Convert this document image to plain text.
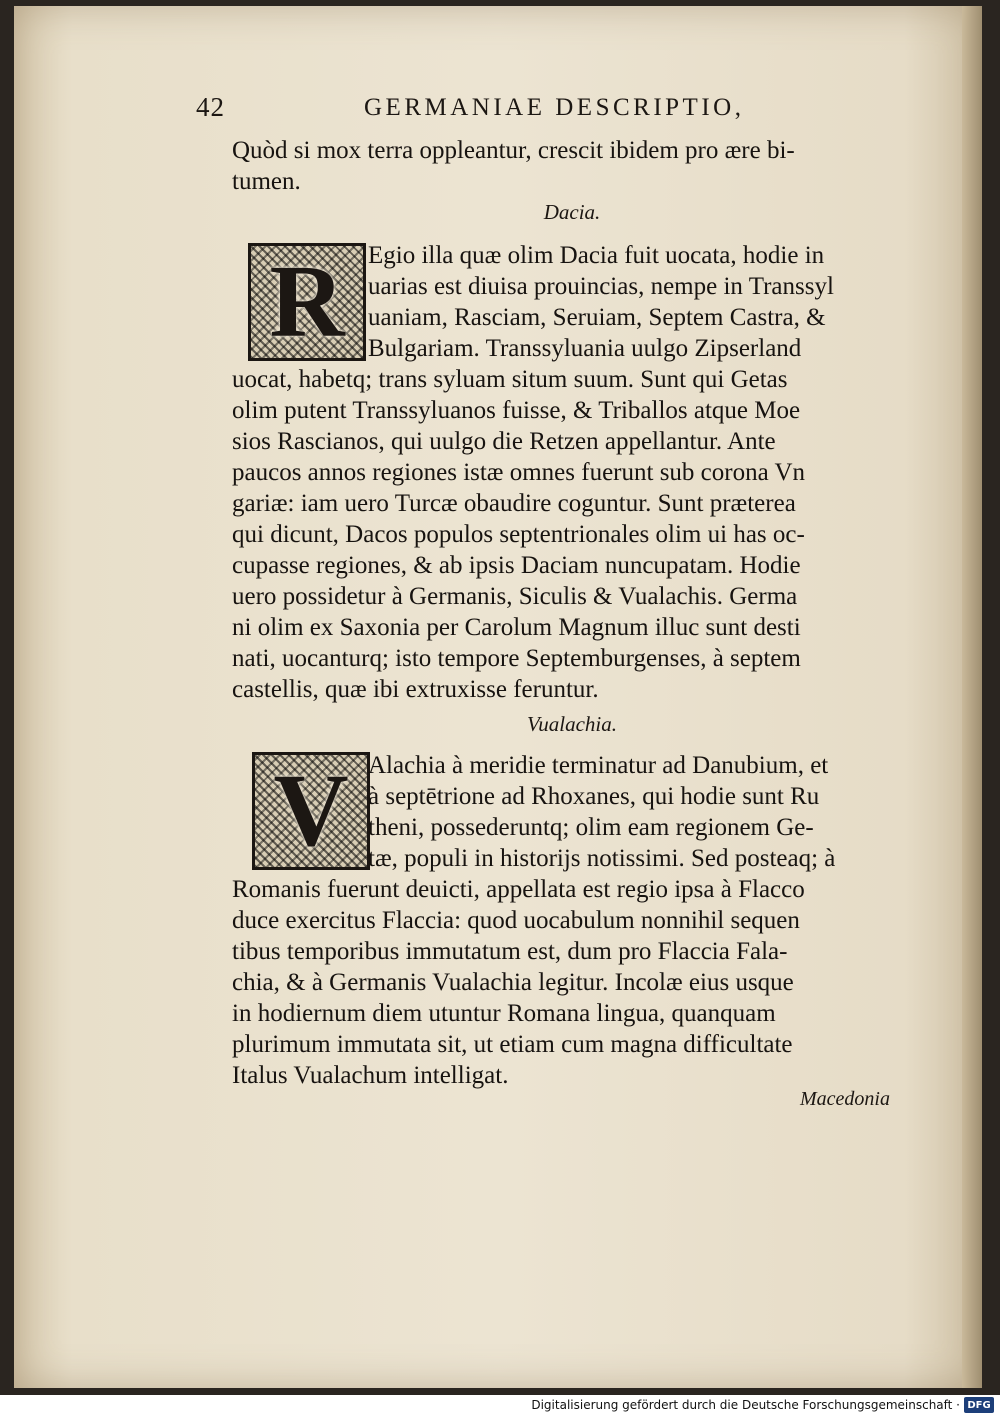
42	GERMANIAE DESCRIPTIO,
Quòd si mox terra oppleantur, crescit ibidem pro ære bi-
tumen.
Dacia.
R Egio illa quæ olim Dacia fuit uocata, hodie in
uarias est diuisa prouincias, nempe in Transsyl
uaniam, Rasciam, Seruiam, Septem Castra, &
Bulgariam. Transsyluania uulgo Zipserland
uocat, habetq; trans syluam situm suum. Sunt qui Getas
olim putent Transsyluanos fuisse, & Triballos atque Moe
sios Rascianos, qui uulgo die Retzen appellantur. Ante
paucos annos regiones istæ omnes fuerunt sub corona Vn
gariæ: iam uero Turcæ obaudire coguntur. Sunt præterea
qui dicunt, Dacos populos septentrionales olim ui has oc-
cupasse regiones, & ab ipsis Daciam nuncupatam. Hodie
uero possidetur à Germanis, Siculis & Vualachis. Germa
ni olim ex Saxonia per Carolum Magnum illuc sunt desti
nati, uocanturq; isto tempore Septemburgenses, à septem
castellis, quæ ibi extruxisse feruntur.
Vualachia.
V Alachia à meridie terminatur ad Danubium, et
à septētrione ad Rhoxanes, qui hodie sunt Ru
theni, possederuntq; olim eam regionem Ge-
tæ, populi in historijs notissimi. Sed posteaq; à
Romanis fuerunt deuicti, appellata est regio ipsa à Flacco
duce exercitus Flaccia: quod uocabulum nonnihil sequen
tibus temporibus immutatum est, dum pro Flaccia Fala-
chia, & à Germanis Vualachia legitur. Incolæ eius usque
in hodiernum diem utuntur Romana lingua, quanquam
plurimum immutata sit, ut etiam cum magna difficultate
Italus Vualachum intelligat.
Macedonia
Digitalisierung gefördert durch die Deutsche Forschungsgemeinschaft · DFG
